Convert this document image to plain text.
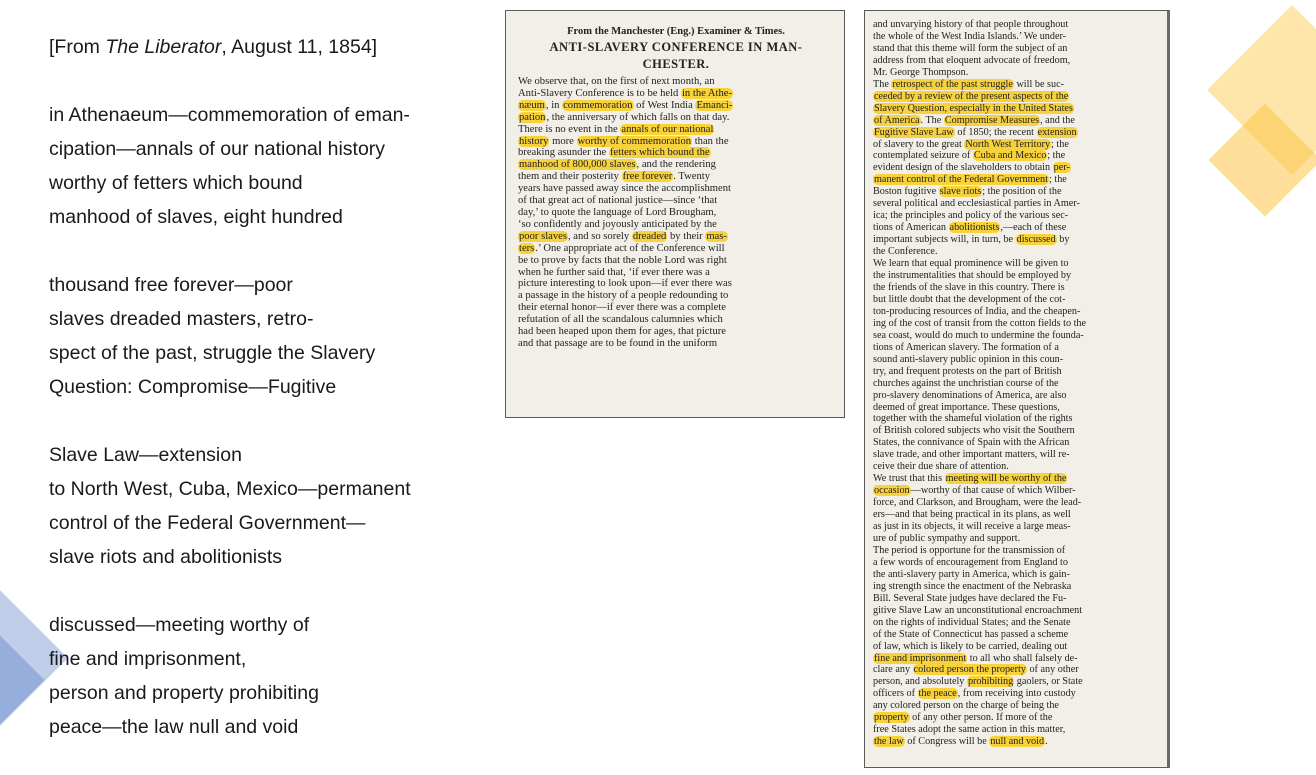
[From The Liberator, August 11, 1854]
in Athenaeum—commemoration of eman-
cipation—annals of our national history
worthy of fetters which bound
manhood of slaves, eight hundred
thousand free forever—poor
slaves dreaded masters, retro-
spect of the past, struggle the Slavery
Question: Compromise—Fugitive
Slave Law—extension
to North West, Cuba, Mexico—permanent
control of the Federal Government—
slave riots and abolitionists
discussed—meeting worthy of
fine and imprisonment,
person and property prohibiting
peace—the law null and void
From the Manchester (Eng.) Examiner & Times.
ANTI-SLAVERY CONFERENCE IN MAN-
CHESTER.
We observe that, on the first of next month, an
Anti-Slavery Conference is to be held in the Athe-
næum, in commemoration of West India Emanci-
pation, the anniversary of which falls on that day.
There is no event in the annals of our national
history more worthy of commemoration than the
breaking asunder the fetters which bound the
manhood of 800,000 slaves, and the rendering
them and their posterity free forever. Twenty
years have passed away since the accomplishment
of that great act of national justice—since ‘that
day,’ to quote the language of Lord Brougham,
‘so confidently and joyously anticipated by the
poor slaves, and so sorely dreaded by their mas-
ters.’ One appropriate act of the Conference will
be to prove by facts that the noble Lord was right
when he further said that, ‘if ever there was a
picture interesting to look upon—if ever there was
a passage in the history of a people redounding to
their eternal honor—if ever there was a complete
refutation of all the scandalous calumnies which
had been heaped upon them for ages, that picture
and that passage are to be found in the uniform
and unvarying history of that people throughout
the whole of the West India Islands.’ We under-
stand that this theme will form the subject of an
address from that eloquent advocate of freedom,
Mr. George Thompson.
The retrospect of the past struggle will be suc-
ceeded by a review of the present aspects of the
Slavery Question, especially in the United States
of America. The Compromise Measures, and the
Fugitive Slave Law of 1850; the recent extension
of slavery to the great North West Territory; the
contemplated seizure of Cuba and Mexico; the
evident design of the slaveholders to obtain per-
manent control of the Federal Government; the
Boston fugitive slave riots; the position of the
several political and ecclesiastical parties in Amer-
ica; the principles and policy of the various sec-
tions of American abolitionists,—each of these
important subjects will, in turn, be discussed by
the Conference.
We learn that equal prominence will be given to
the instrumentalities that should be employed by
the friends of the slave in this country. There is
but little doubt that the development of the cot-
ton-producing resources of India, and the cheapen-
ing of the cost of transit from the cotton fields to the
sea coast, would do much to undermine the founda-
tions of American slavery. The formation of a
sound anti-slavery public opinion in this coun-
try, and frequent protests on the part of British
churches against the unchristian course of the
pro-slavery denominations of America, are also
deemed of great importance. These questions,
together with the shameful violation of the rights
of British colored subjects who visit the Southern
States, the connivance of Spain with the African
slave trade, and other important matters, will re-
ceive their due share of attention.
We trust that this meeting will be worthy of the
occasion—worthy of that cause of which Wilber-
force, and Clarkson, and Brougham, were the lead-
ers—and that being practical in its plans, as well
as just in its objects, it will receive a large meas-
ure of public sympathy and support.
The period is opportune for the transmission of
a few words of encouragement from England to
the anti-slavery party in America, which is gain-
ing strength since the enactment of the Nebraska
Bill. Several State judges have declared the Fu-
gitive Slave Law an unconstitutional encroachment
on the rights of individual States; and the Senate
of the State of Connecticut has passed a scheme
of law, which is likely to be carried, dealing out
fine and imprisonment to all who shall falsely de-
clare any colored person the property of any other
person, and absolutely prohibiting gaolers, or State
officers of the peace, from receiving into custody
any colored person on the charge of being the
property of any other person. If more of the
free States adopt the same action in this matter,
the law of Congress will be null and void.
